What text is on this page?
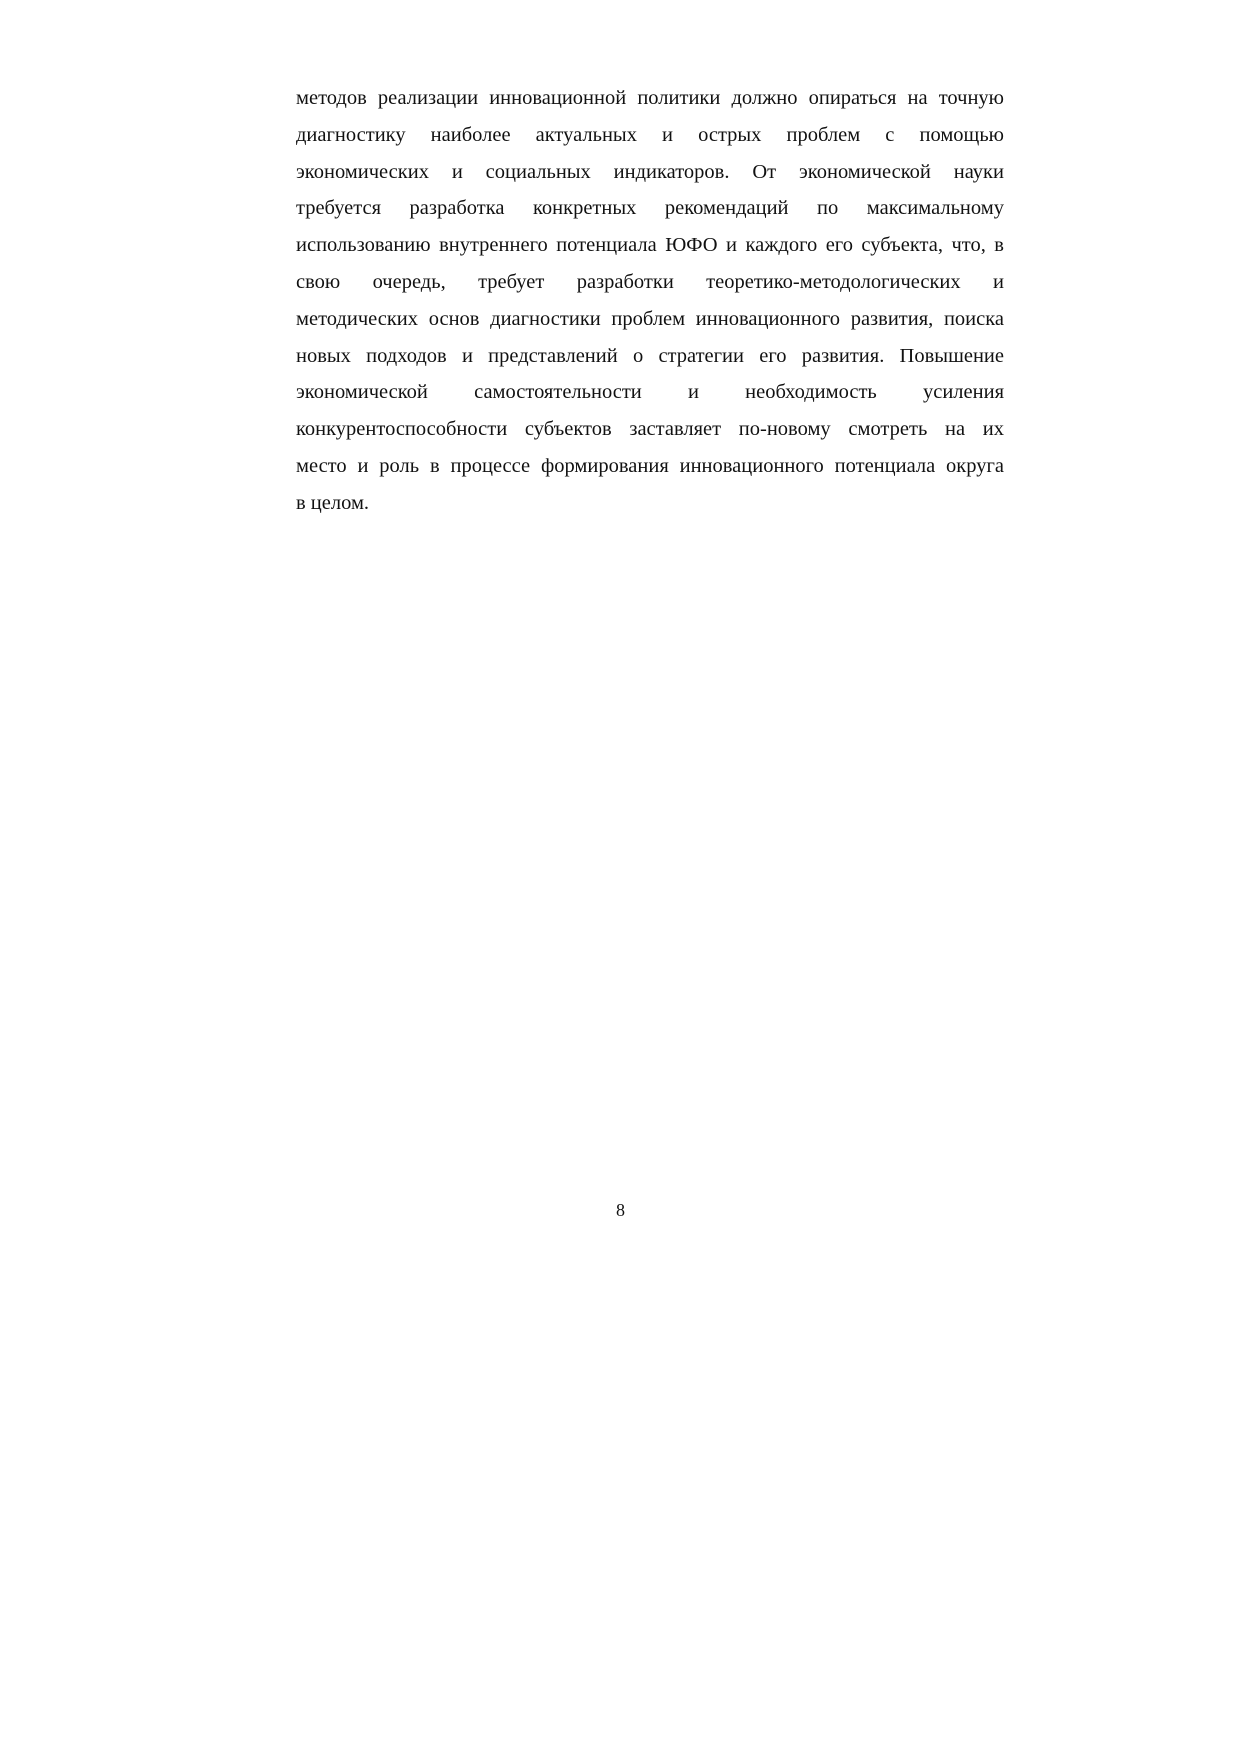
методов реализации инновационной политики должно опираться на точную
диагностику наиболее актуальных и острых проблем с помощью
экономических и социальных индикаторов. От экономической науки
требуется разработка конкретных рекомендаций по максимальному
использованию внутреннего потенциала ЮФО и каждого его субъекта, что, в
свою очередь, требует разработки теоретико-методологических и
методических основ диагностики проблем инновационного развития, поиска
новых подходов и представлений о стратегии его развития. Повышение
экономической самостоятельности и необходимость усиления
конкурентоспособности субъектов заставляет по-новому смотреть на их
место и роль в процессе формирования инновационного потенциала округа
в целом.

8
